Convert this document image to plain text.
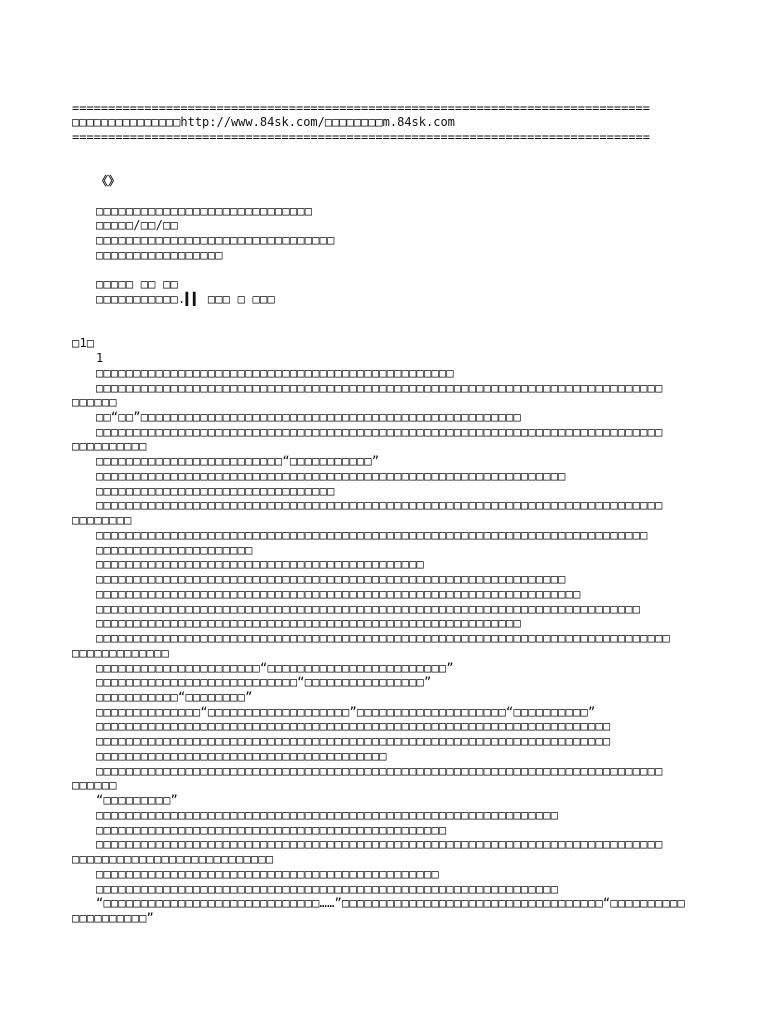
================================================================================
□□□□□□□□□□□□□□□http://www.84sk.com/□□□□□□□□m.84sk.com
================================================================================
《》
□□□□□□□□□□□□□□□□□□□□□□□□□□□□□
□□□□□/□□/□□
□□□□□□□□□□□□□□□□□□□□□□□□□□□□□□□□
□□□□□□□□□□□□□□□□□
□□□□□ □□ □□
□□□□□□□□□□□.▍▍ □□□ □ □□□
□1□
1
□□□□□□□□□□□□□□□□□□□□□□□□□□□□□□□□□□□□□□□□□□□□□□□□
□□□□□□□□□□□□□□□□□□□□□□□□□□□□□□□□□□□□□□□□□□□□□□□□□□□□□□□□□□□□□□□□□□□□□□□□□□□□
□□□□□□
□□“□□”□□□□□□□□□□□□□□□□□□□□□□□□□□□□□□□□□□□□□□□□□□□□□□□□□□□
□□□□□□□□□□□□□□□□□□□□□□□□□□□□□□□□□□□□□□□□□□□□□□□□□□□□□□□□□□□□□□□□□□□□□□□□□□□□
□□□□□□□□□□
□□□□□□□□□□□□□□□□□□□□□□□□□“□□□□□□□□□□□”
□□□□□□□□□□□□□□□□□□□□□□□□□□□□□□□□□□□□□□□□□□□□□□□□□□□□□□□□□□□□□□□
□□□□□□□□□□□□□□□□□□□□□□□□□□□□□□□□
□□□□□□□□□□□□□□□□□□□□□□□□□□□□□□□□□□□□□□□□□□□□□□□□□□□□□□□□□□□□□□□□□□□□□□□□□□□□
□□□□□□□□
□□□□□□□□□□□□□□□□□□□□□□□□□□□□□□□□□□□□□□□□□□□□□□□□□□□□□□□□□□□□□□□□□□□□□□□□□□
□□□□□□□□□□□□□□□□□□□□□
□□□□□□□□□□□□□□□□□□□□□□□□□□□□□□□□□□□□□□□□□□□□
□□□□□□□□□□□□□□□□□□□□□□□□□□□□□□□□□□□□□□□□□□□□□□□□□□□□□□□□□□□□□□□
□□□□□□□□□□□□□□□□□□□□□□□□□□□□□□□□□□□□□□□□□□□□□□□□□□□□□□□□□□□□□□□□□
□□□□□□□□□□□□□□□□□□□□□□□□□□□□□□□□□□□□□□□□□□□□□□□□□□□□□□□□□□□□□□□□□□□□□□□□□
□□□□□□□□□□□□□□□□□□□□□□□□□□□□□□□□□□□□□□□□□□□□□□□□□□□□□□□□□
□□□□□□□□□□□□□□□□□□□□□□□□□□□□□□□□□□□□□□□□□□□□□□□□□□□□□□□□□□□□□□□□□□□□□□□□□□□□□
□□□□□□□□□□□□□
□□□□□□□□□□□□□□□□□□□□□□“□□□□□□□□□□□□□□□□□□□□□□□□”
□□□□□□□□□□□□□□□□□□□□□□□□□□□“□□□□□□□□□□□□□□□□”
□□□□□□□□□□□“□□□□□□□□”
□□□□□□□□□□□□□□“□□□□□□□□□□□□□□□□□□□”□□□□□□□□□□□□□□□□□□□□“□□□□□□□□□□”
□□□□□□□□□□□□□□□□□□□□□□□□□□□□□□□□□□□□□□□□□□□□□□□□□□□□□□□□□□□□□□□□□□□□□
□□□□□□□□□□□□□□□□□□□□□□□□□□□□□□□□□□□□□□□□□□□□□□□□□□□□□□□□□□□□□□□□□□□□□
□□□□□□□□□□□□□□□□□□□□□□□□□□□□□□□□□□□□□□□
□□□□□□□□□□□□□□□□□□□□□□□□□□□□□□□□□□□□□□□□□□□□□□□□□□□□□□□□□□□□□□□□□□□□□□□□□□□□
□□□□□□
“□□□□□□□□□”
□□□□□□□□□□□□□□□□□□□□□□□□□□□□□□□□□□□□□□□□□□□□□□□□□□□□□□□□□□□□□□
□□□□□□□□□□□□□□□□□□□□□□□□□□□□□□□□□□□□□□□□□□□□□□□
□□□□□□□□□□□□□□□□□□□□□□□□□□□□□□□□□□□□□□□□□□□□□□□□□□□□□□□□□□□□□□□□□□□□□□□□□□□□
□□□□□□□□□□□□□□□□□□□□□□□□□□□
□□□□□□□□□□□□□□□□□□□□□□□□□□□□□□□□□□□□□□□□□□□□□□
□□□□□□□□□□□□□□□□□□□□□□□□□□□□□□□□□□□□□□□□□□□□□□□□□□□□□□□□□□□□□□
“□□□□□□□□□□□□□□□□□□□□□□□□□□□□□……”□□□□□□□□□□□□□□□□□□□□□□□□□□□□□□□□□□□“□□□□□□□□□□
□□□□□□□□□□”
